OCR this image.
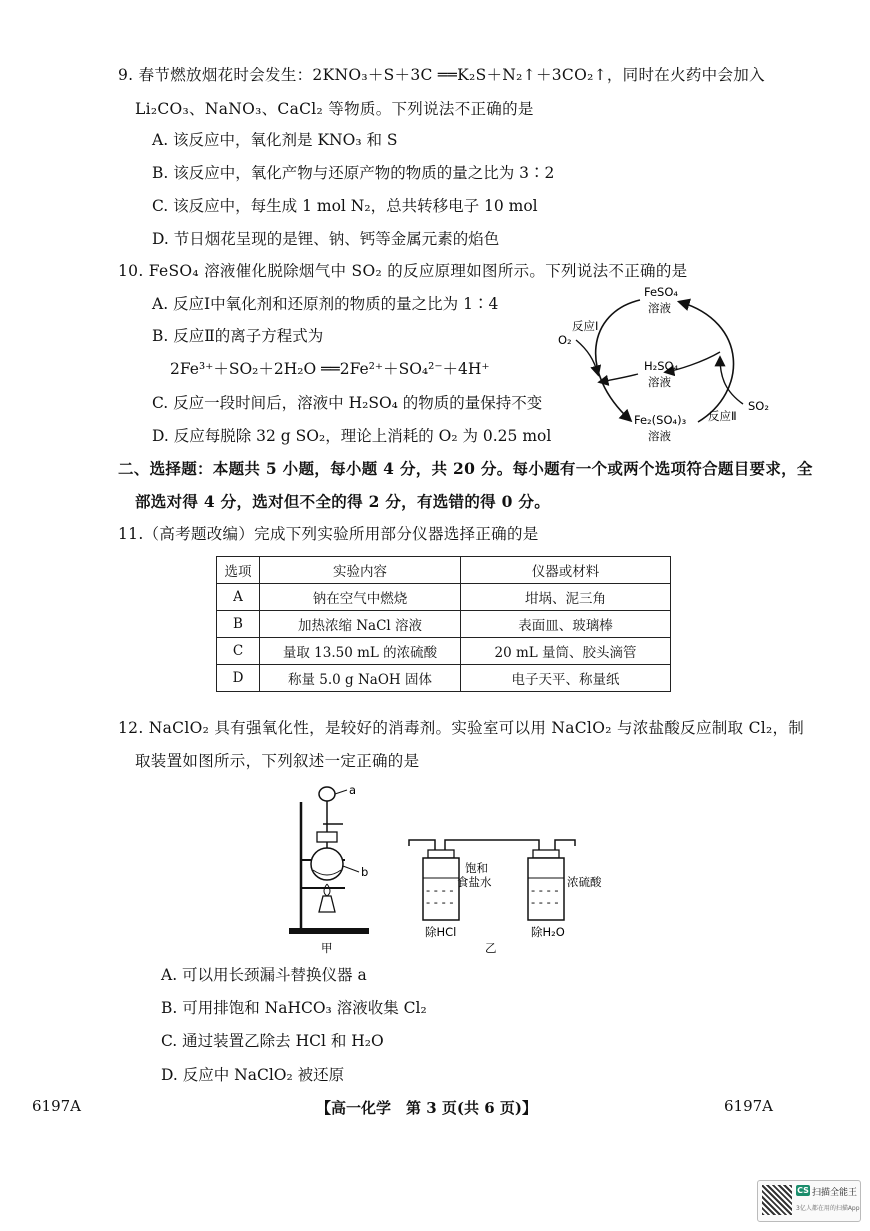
9. 春节燃放烟花时会发生：2KNO₃＋S＋3C ══K₂S＋N₂↑＋3CO₂↑，同时在火药中会加入
Li₂CO₃、NaNO₃、CaCl₂ 等物质。下列说法不正确的是
A. 该反应中，氧化剂是 KNO₃ 和 S
B. 该反应中，氧化产物与还原产物的物质的量之比为 3∶2
C. 该反应中，每生成 1 mol N₂，总共转移电子 10 mol
D. 节日烟花呈现的是锂、钠、钙等金属元素的焰色
10. FeSO₄ 溶液催化脱除烟气中 SO₂ 的反应原理如图所示。下列说法不正确的是
A. 反应Ⅰ中氧化剂和还原剂的物质的量之比为 1∶4
B. 反应Ⅱ的离子方程式为
2Fe³⁺＋SO₂＋2H₂O ══2Fe²⁺＋SO₄²⁻＋4H⁺
C. 反应一段时间后，溶液中 H₂SO₄ 的物质的量保持不变
D. 反应每脱除 32 g SO₂，理论上消耗的 O₂ 为 0.25 mol
FeSO₄
溶液
H₂SO₄
溶液
Fe₂(SO₄)₃
溶液
反应Ⅰ
O₂
反应Ⅱ
SO₂
二、选择题：本题共 5 小题，每小题 4 分，共 20 分。每小题有一个或两个选项符合题目要求，全
部选对得 4 分，选对但不全的得 2 分，有选错的得 0 分。
11.（高考题改编）完成下列实验所用部分仪器选择正确的是
选项	实验内容	仪器或材料
A	钠在空气中燃烧	坩埚、泥三角
B	加热浓缩 NaCl 溶液	表面皿、玻璃棒
C	量取 13.50 mL 的浓硫酸	20 mL 量筒、胶头滴管
D	称量 5.0 g NaOH 固体	电子天平、称量纸
12. NaClO₂ 具有强氧化性，是较好的消毒剂。实验室可以用 NaClO₂ 与浓盐酸反应制取 Cl₂，制
取装置如图所示，下列叙述一定正确的是
a
b
甲
- - - -
- - - -
饱和
食盐水
除HCl
- - - -
- - - -
浓硫酸
除H₂O
乙
A. 可以用长颈漏斗替换仪器 a
B. 可用排饱和 NaHCO₃ 溶液收集 Cl₂
C. 通过装置乙除去 HCl 和 H₂O
D. 反应中 NaClO₂ 被还原
6197A	【高一化学　第 3 页(共 6 页)】	6197A
CS 扫描全能王
3亿人都在用的扫描App
